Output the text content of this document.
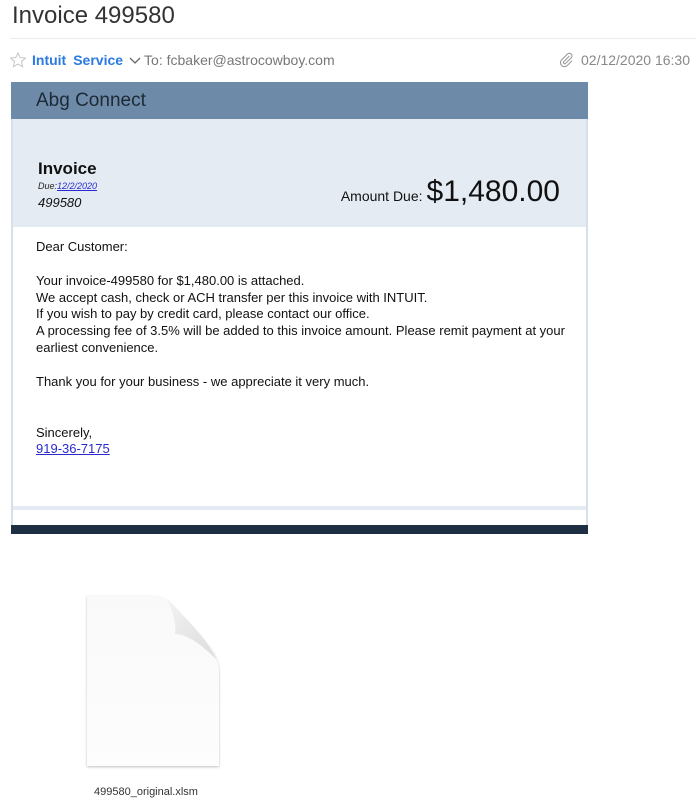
Invoice 499580
Intuit Service To: fcbaker@astrocowboy.com	02/12/2020 16:30
Abg Connect
Invoice
Due:12/2/2020
499580	Amount Due: $1,480.00

Dear Customer:

Your invoice-499580 for $1,480.00 is attached.

We accept cash, check or ACH transfer per this invoice with INTUIT.

If you wish to pay by credit card, please contact our office.

A processing fee of 3.5% will be added to this invoice amount. Please remit payment at your earliest convenience.

Thank you for your business - we appreciate it very much.

Sincerely,

919-36-7175

499580_original.xlsm
